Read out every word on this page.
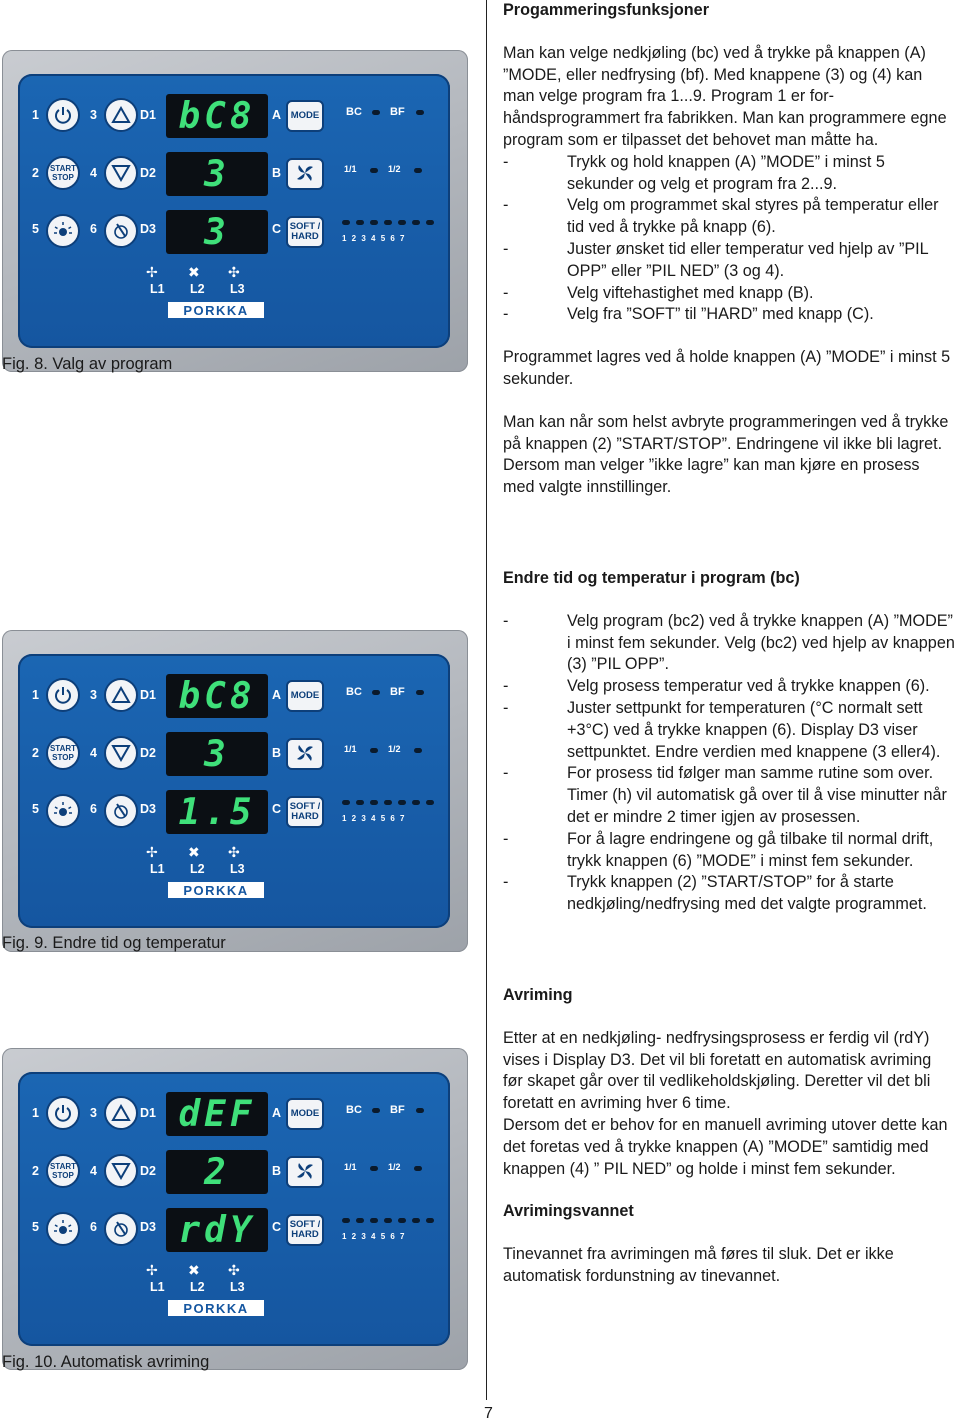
1	3
2	4
5	6
START
STOP
D1
D2
D3
bC8
3
3
A
B
C
MODE
SOFT /
HARD
BC	BF
1/1	1/2
1 2 3 4 5 6 7
✢ ✖ ✣
L1 L2 L3
PORKKA
1	3
2	4
5	6
START
STOP
D1
D2
D3
bC8
3
1.5
A
B
C
MODE
SOFT /
HARD
BC	BF
1/1	1/2
1 2 3 4 5 6 7
✢ ✖ ✣
L1 L2 L3
PORKKA
1	3
2	4
5	6
START
STOP
D1
D2
D3
dEF
2
rdY
A
B
C
MODE
SOFT /
HARD
BC	BF
1/1	1/2
1 2 3 4 5 6 7
✢ ✖ ✣
L1 L2 L3
PORKKA
Fig. 8. Valg av program
Fig. 9. Endre tid og temperatur
Fig. 10. Automatisk avriming

Progammeringsfunksjoner

Man kan velge nedkjøling (bc) ved å trykke på knappen (A) ”MODE, eller nedfrysing (bf). Med knappene (3) og (4) kan man velge program fra 1...9. Program 1 er for-håndsprogrammert fra fabrikken. Man kan programmere egne program som er tilpasset det behovet man måtte ha.

-	Trykk og hold knappen (A) ”MODE” i minst 5 sekunder og velg et program fra 2...9.
-	Velg om programmet skal styres på temperatur eller tid ved å trykke på knapp (6).
-	Juster ønsket tid eller temperatur ved hjelp av ”PIL OPP” eller ”PIL NED” (3 og 4).
-	Velg viftehastighet med knapp (B).
-	Velg fra ”SOFT” til ”HARD” med knapp (C).

Programmet lagres ved å holde knappen (A) ”MODE” i minst 5 sekunder.

Man kan når som helst avbryte programmeringen ved å trykke på knappen (2) ”START/STOP”. Endringene vil ikke bli lagret. Dersom man velger ”ikke lagre” kan man kjøre en prosess med valgte innstillinger.

Endre tid og temperatur i program (bc)

-	Velg program (bc2) ved å trykke knappen (A) ”MODE” i minst fem sekunder. Velg (bc2) ved hjelp av knappen (3) ”PIL OPP”.
-	Velg prosess temperatur ved å trykke knappen (6).
-	Juster settpunkt for temperaturen (°C normalt sett +3°C) ved å trykke knappen (6). Display D3 viser settpunktet. Endre verdien med knappene (3 eller4).
-	For prosess tid følger man samme rutine som over. Timer (h) vil automatisk gå over til å vise minutter når det er mindre 2 timer igjen av prosessen.
-	For å lagre endringene og gå tilbake til normal drift, trykk knappen (6) ”MODE” i minst fem sekunder.
-	Trykk knappen (2) ”START/STOP” for å starte nedkjøling/nedfrysing med det valgte programmet.

Avriming

Etter at en nedkjøling- nedfrysingsprosess er ferdig vil (rdY) vises i Display D3. Det vil bli foretatt en automatisk avriming før skapet går over til vedlikeholdskjøling. Deretter vil det bli foretatt en avriming hver 6 time.

Dersom det er behov for en manuell avriming utover dette kan det foretas ved å trykke knappen (A) ”MODE” samtidig med knappen (4) ” PIL NED” og holde i minst fem sekunder.

Avrimingsvannet

Tinevannet fra avrimingen må føres til sluk. Det er ikke automatisk fordunstning av tinevannet.

7
